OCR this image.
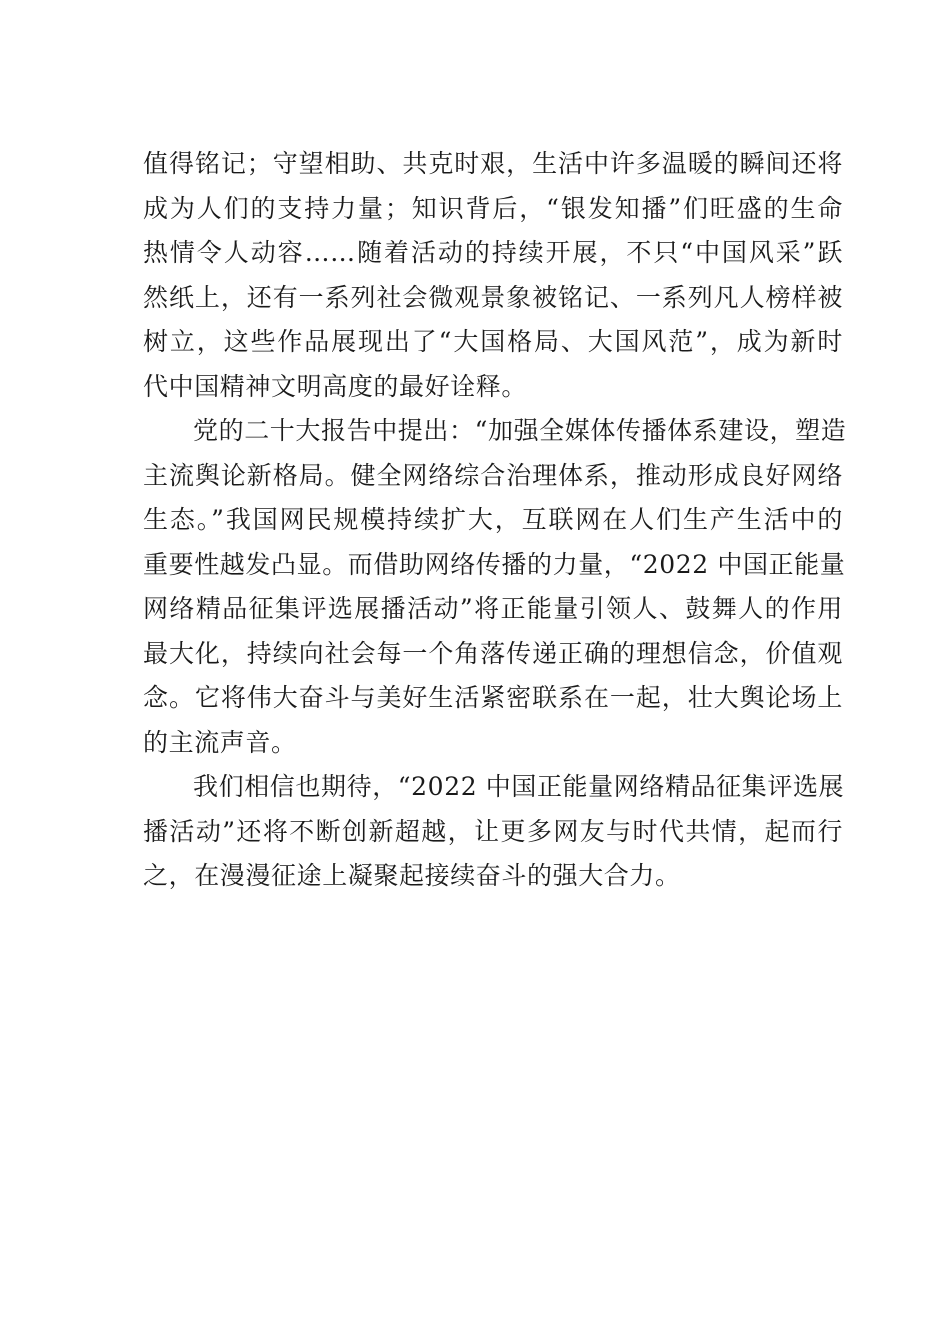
值得铭记；守望相助、共克时艰，生活中许多温暖的瞬间还将
成为人们的支持力量；知识背后，“银发知播”们旺盛的生命
热情令人动容……随着活动的持续开展，不只“中国风采”跃
然纸上，还有一系列社会微观景象被铭记、一系列凡人榜样被
树立，这些作品展现出了“大国格局、大国风范”，成为新时
代中国精神文明高度的最好诠释。
党的二十大报告中提出：“加强全媒体传播体系建设，塑造
主流舆论新格局。健全网络综合治理体系，推动形成良好网络
生态。”我国网民规模持续扩大，互联网在人们生产生活中的
重要性越发凸显。而借助网络传播的力量，“2022 中国正能量
网络精品征集评选展播活动”将正能量引领人、鼓舞人的作用
最大化，持续向社会每一个角落传递正确的理想信念，价值观
念。它将伟大奋斗与美好生活紧密联系在一起，壮大舆论场上
的主流声音。
我们相信也期待，“2022 中国正能量网络精品征集评选展
播活动”还将不断创新超越，让更多网友与时代共情，起而行
之，在漫漫征途上凝聚起接续奋斗的强大合力。
